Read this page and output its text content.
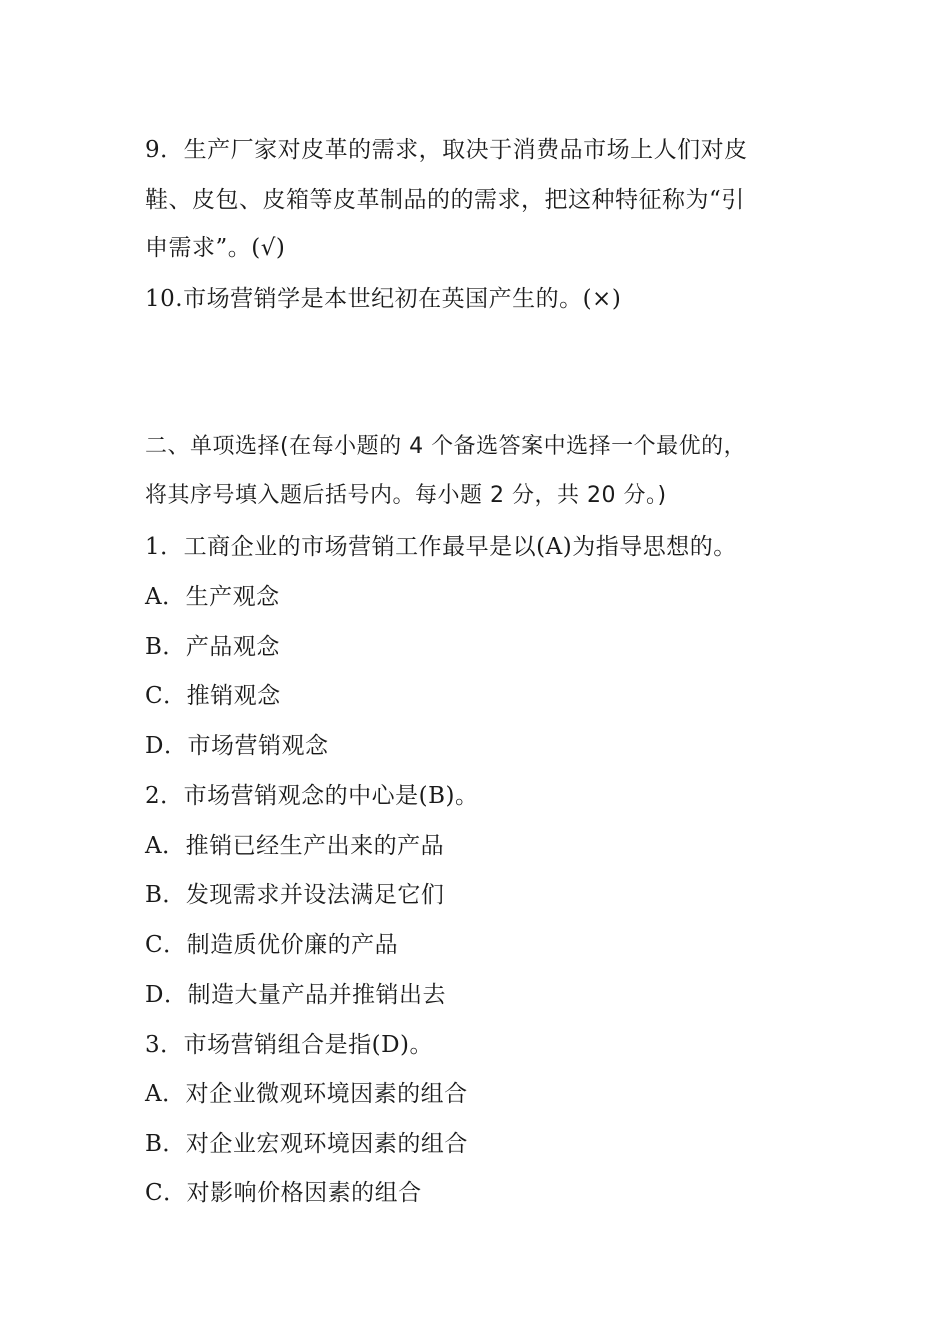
9．生产厂家对皮革的需求，取决于消费品市场上人们对皮
鞋、皮包、皮箱等皮革制品的的需求，把这种特征称为“引
申需求”。(√)
10.市场营销学是本世纪初在英国产生的。(×)
二、单项选择(在每小题的 4 个备选答案中选择一个最优的，
将其序号填入题后括号内。每小题 2 分，共 20 分。)
1．工商企业的市场营销工作最早是以(A)为指导思想的。
A．生产观念
B．产品观念
C．推销观念
D．市场营销观念
2．市场营销观念的中心是(B)。
A．推销已经生产出来的产品
B．发现需求并设法满足它们
C．制造质优价廉的产品
D．制造大量产品并推销出去
3．市场营销组合是指(D)。
A．对企业微观环境因素的组合
B．对企业宏观环境因素的组合
C．对影响价格因素的组合
